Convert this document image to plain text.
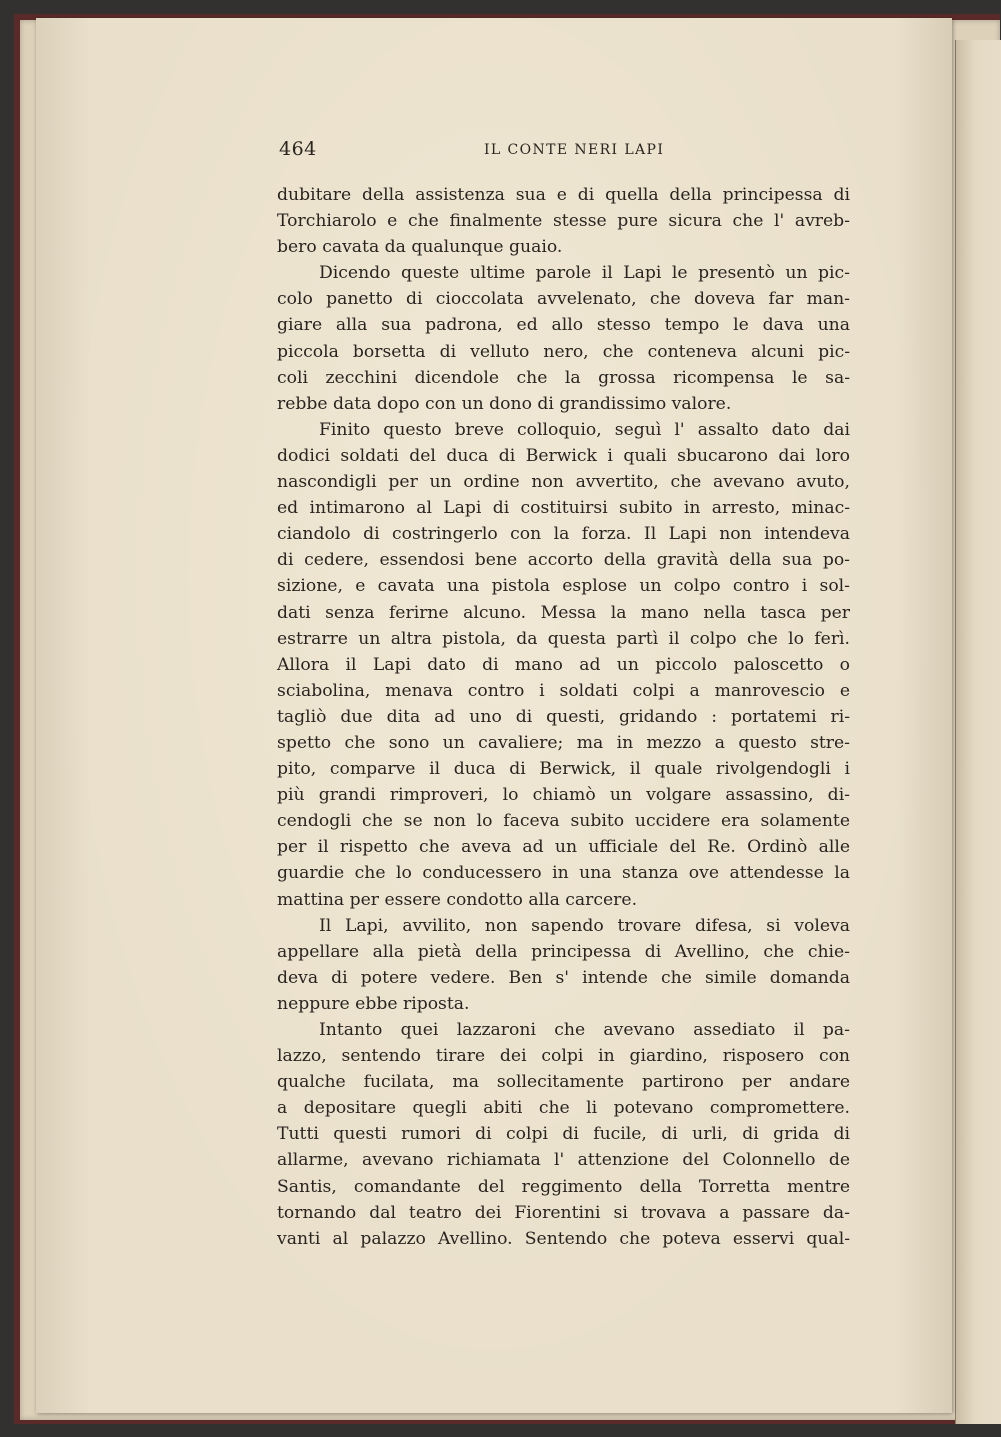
464	IL CONTE NERI LAPI
dubitare della assistenza sua e di quella della principessa di
Torchiarolo e che finalmente stesse pure sicura che l' avreb-
bero cavata da qualunque guaio.
Dicendo queste ultime parole il Lapi le presentò un pic-
colo panetto di cioccolata avvelenato, che doveva far man-
giare alla sua padrona, ed allo stesso tempo le dava una
piccola borsetta di velluto nero, che conteneva alcuni pic-
coli zecchini dicendole che la grossa ricompensa le sa-
rebbe data dopo con un dono di grandissimo valore.
Finito questo breve colloquio, seguì l' assalto dato dai
dodici soldati del duca di Berwick i quali sbucarono dai loro
nascondigli per un ordine non avvertito, che avevano avuto,
ed intimarono al Lapi di costituirsi subito in arresto, minac-
ciandolo di costringerlo con la forza. Il Lapi non intendeva
di cedere, essendosi bene accorto della gravità della sua po-
sizione, e cavata una pistola esplose un colpo contro i sol-
dati senza ferirne alcuno. Messa la mano nella tasca per
estrarre un altra pistola, da questa partì il colpo che lo ferì.
Allora il Lapi dato di mano ad un piccolo paloscetto o
sciabolina, menava contro i soldati colpi a manrovescio e
tagliò due dita ad uno di questi, gridando : portatemi ri-
spetto che sono un cavaliere; ma in mezzo a questo stre-
pito, comparve il duca di Berwick, il quale rivolgendogli i
più grandi rimproveri, lo chiamò un volgare assassino, di-
cendogli che se non lo faceva subito uccidere era solamente
per il rispetto che aveva ad un ufficiale del Re. Ordinò alle
guardie che lo conducessero in una stanza ove attendesse la
mattina per essere condotto alla carcere.
Il Lapi, avvilito, non sapendo trovare difesa, si voleva
appellare alla pietà della principessa di Avellino, che chie-
deva di potere vedere. Ben s' intende che simile domanda
neppure ebbe riposta.
Intanto quei lazzaroni che avevano assediato il pa-
lazzo, sentendo tirare dei colpi in giardino, risposero con
qualche fucilata, ma sollecitamente partirono per andare
a depositare quegli abiti che li potevano compromettere.
Tutti questi rumori di colpi di fucile, di urli, di grida di
allarme, avevano richiamata l' attenzione del Colonnello de
Santis, comandante del reggimento della Torretta mentre
tornando dal teatro dei Fiorentini si trovava a passare da-
vanti al palazzo Avellino. Sentendo che poteva esservi qual-
